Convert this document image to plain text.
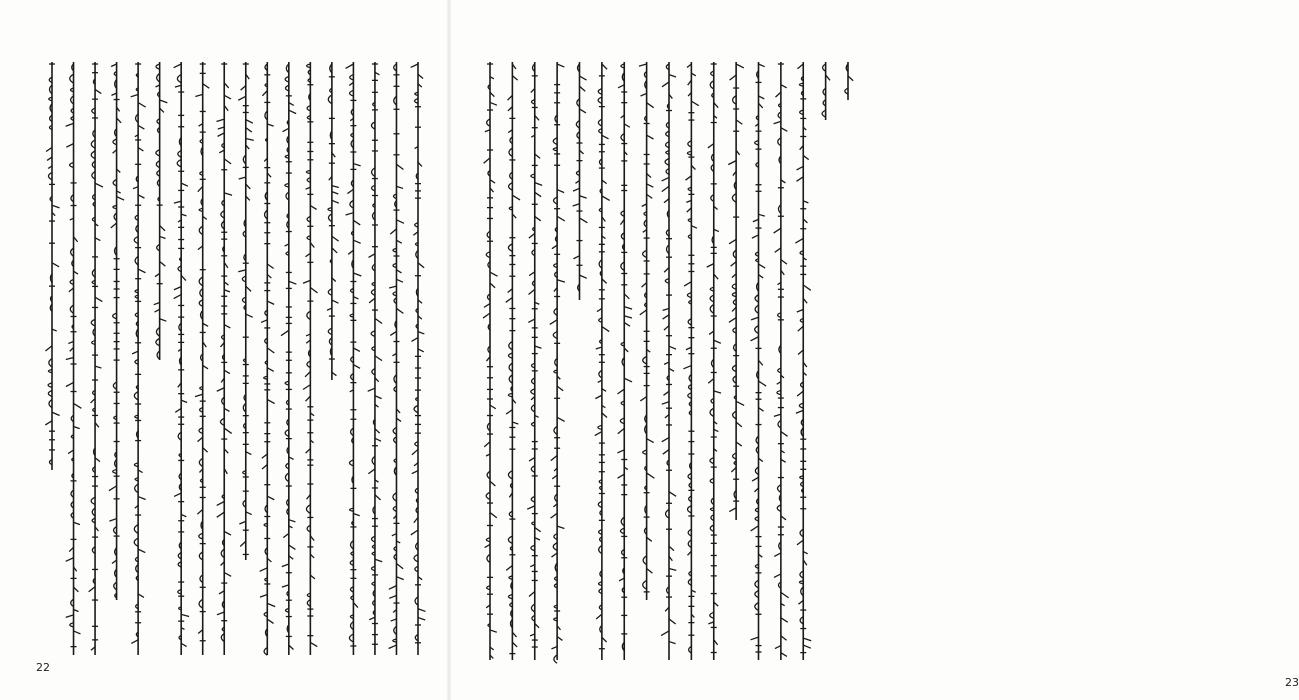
22
23
